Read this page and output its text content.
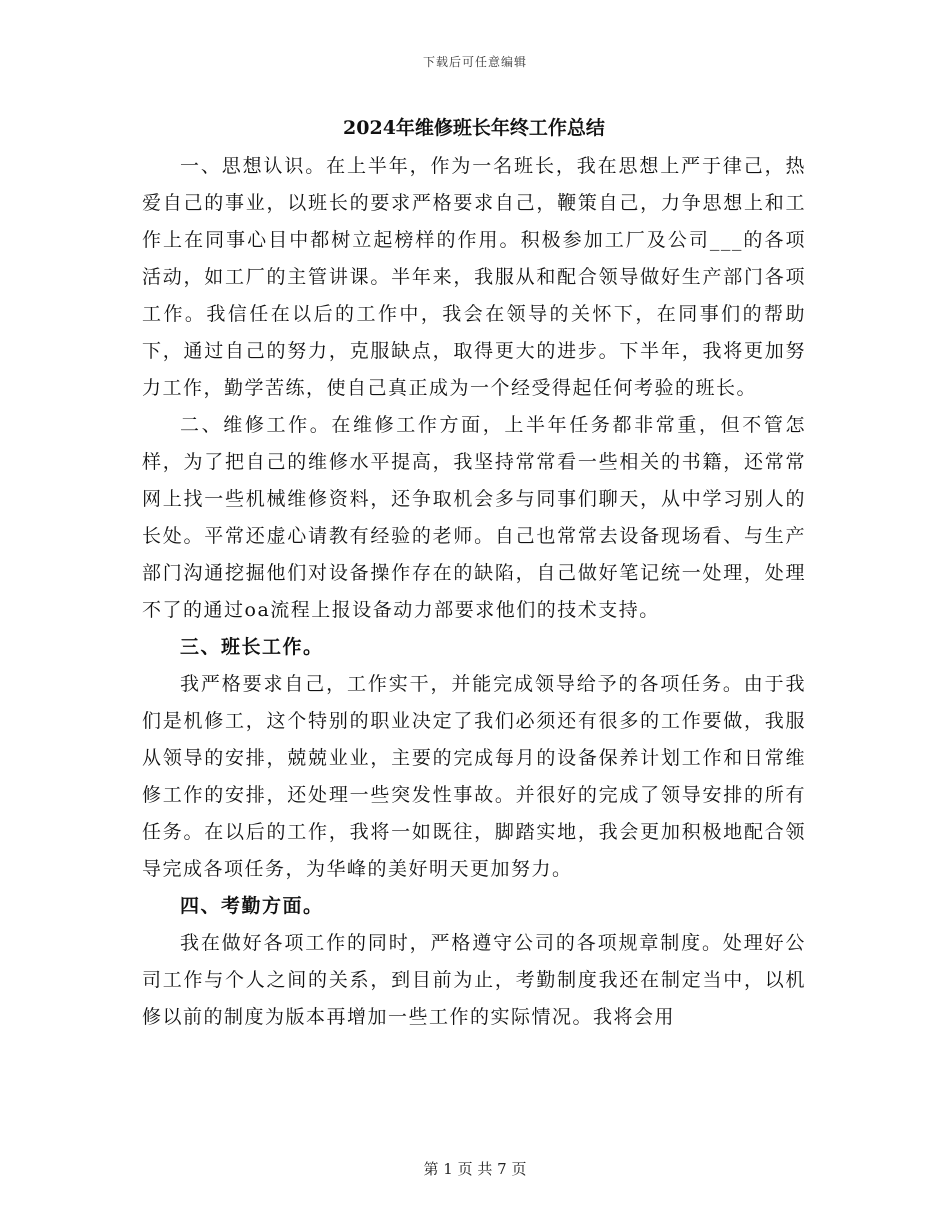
下载后可任意编辑
2024年维修班长年终工作总结

一、思想认识。在上半年，作为一名班长，我在思想上严于律己，热爱自己的事业，以班长的要求严格要求自己，鞭策自己，力争思想上和工作上在同事心目中都树立起榜样的作用。积极参加工厂及公司___的各项活动，如工厂的主管讲课。半年来，我服从和配合领导做好生产部门各项工作。我信任在以后的工作中，我会在领导的关怀下，在同事们的帮助下，通过自己的努力，克服缺点，取得更大的进步。下半年，我将更加努力工作，勤学苦练，使自己真正成为一个经受得起任何考验的班长。

二、维修工作。在维修工作方面，上半年任务都非常重，但不管怎样，为了把自己的维修水平提高，我坚持常常看一些相关的书籍，还常常网上找一些机械维修资料，还争取机会多与同事们聊天，从中学习别人的长处。平常还虚心请教有经验的老师。自己也常常去设备现场看、与生产部门沟通挖掘他们对设备操作存在的缺陷，自己做好笔记统一处理，处理不了的通过oa流程上报设备动力部要求他们的技术支持。

三、班长工作。

我严格要求自己，工作实干，并能完成领导给予的各项任务。由于我们是机修工，这个特别的职业决定了我们必须还有很多的工作要做，我服从领导的安排，兢兢业业，主要的完成每月的设备保养计划工作和日常维修工作的安排，还处理一些突发性事故。并很好的完成了领导安排的所有任务。在以后的工作，我将一如既往，脚踏实地，我会更加积极地配合领导完成各项任务，为华峰的美好明天更加努力。

四、考勤方面。

我在做好各项工作的同时，严格遵守公司的各项规章制度。处理好公司工作与个人之间的关系，到目前为止，考勤制度我还在制定当中，以机修以前的制度为版本再增加一些工作的实际情况。我将会用

第 1 页 共 7 页
